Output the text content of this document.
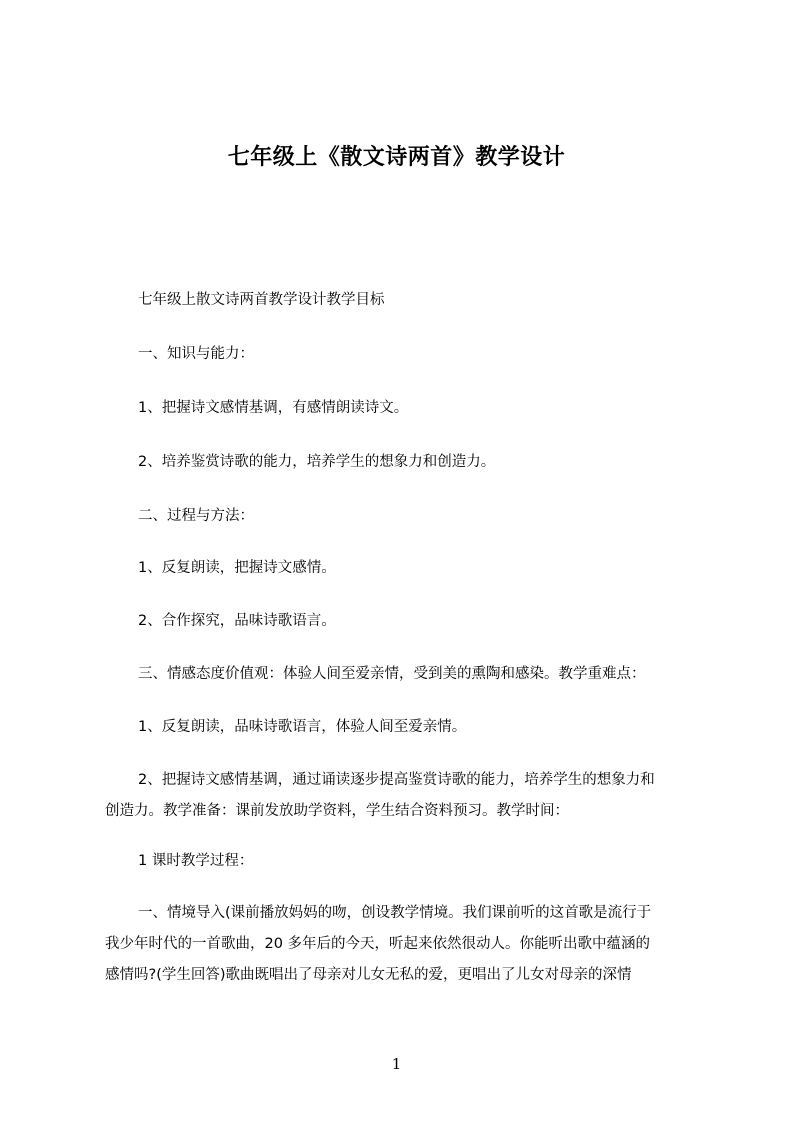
七年级上《散文诗两首》教学设计
七年级上散文诗两首教学设计教学目标
一、知识与能力：
1、把握诗文感情基调，有感情朗读诗文。
2、培养鉴赏诗歌的能力，培养学生的想象力和创造力。
二、过程与方法：
1、反复朗读，把握诗文感情。
2、合作探究，品味诗歌语言。
三、情感态度价值观：体验人间至爱亲情，受到美的熏陶和感染。教学重难点：
1、反复朗读，品味诗歌语言，体验人间至爱亲情。
2、把握诗文感情基调，通过诵读逐步提高鉴赏诗歌的能力，培养学生的想象力和
创造力。教学准备：课前发放助学资料，学生结合资料预习。教学时间：
1 课时教学过程：
一、情境导入(课前播放妈妈的吻，创设教学情境。我们课前听的这首歌是流行于
我少年时代的一首歌曲，20 多年后的今天，听起来依然很动人。你能听出歌中蕴涵的
感情吗?(学生回答)歌曲既唱出了母亲对儿女无私的爱，更唱出了儿女对母亲的深情
1
